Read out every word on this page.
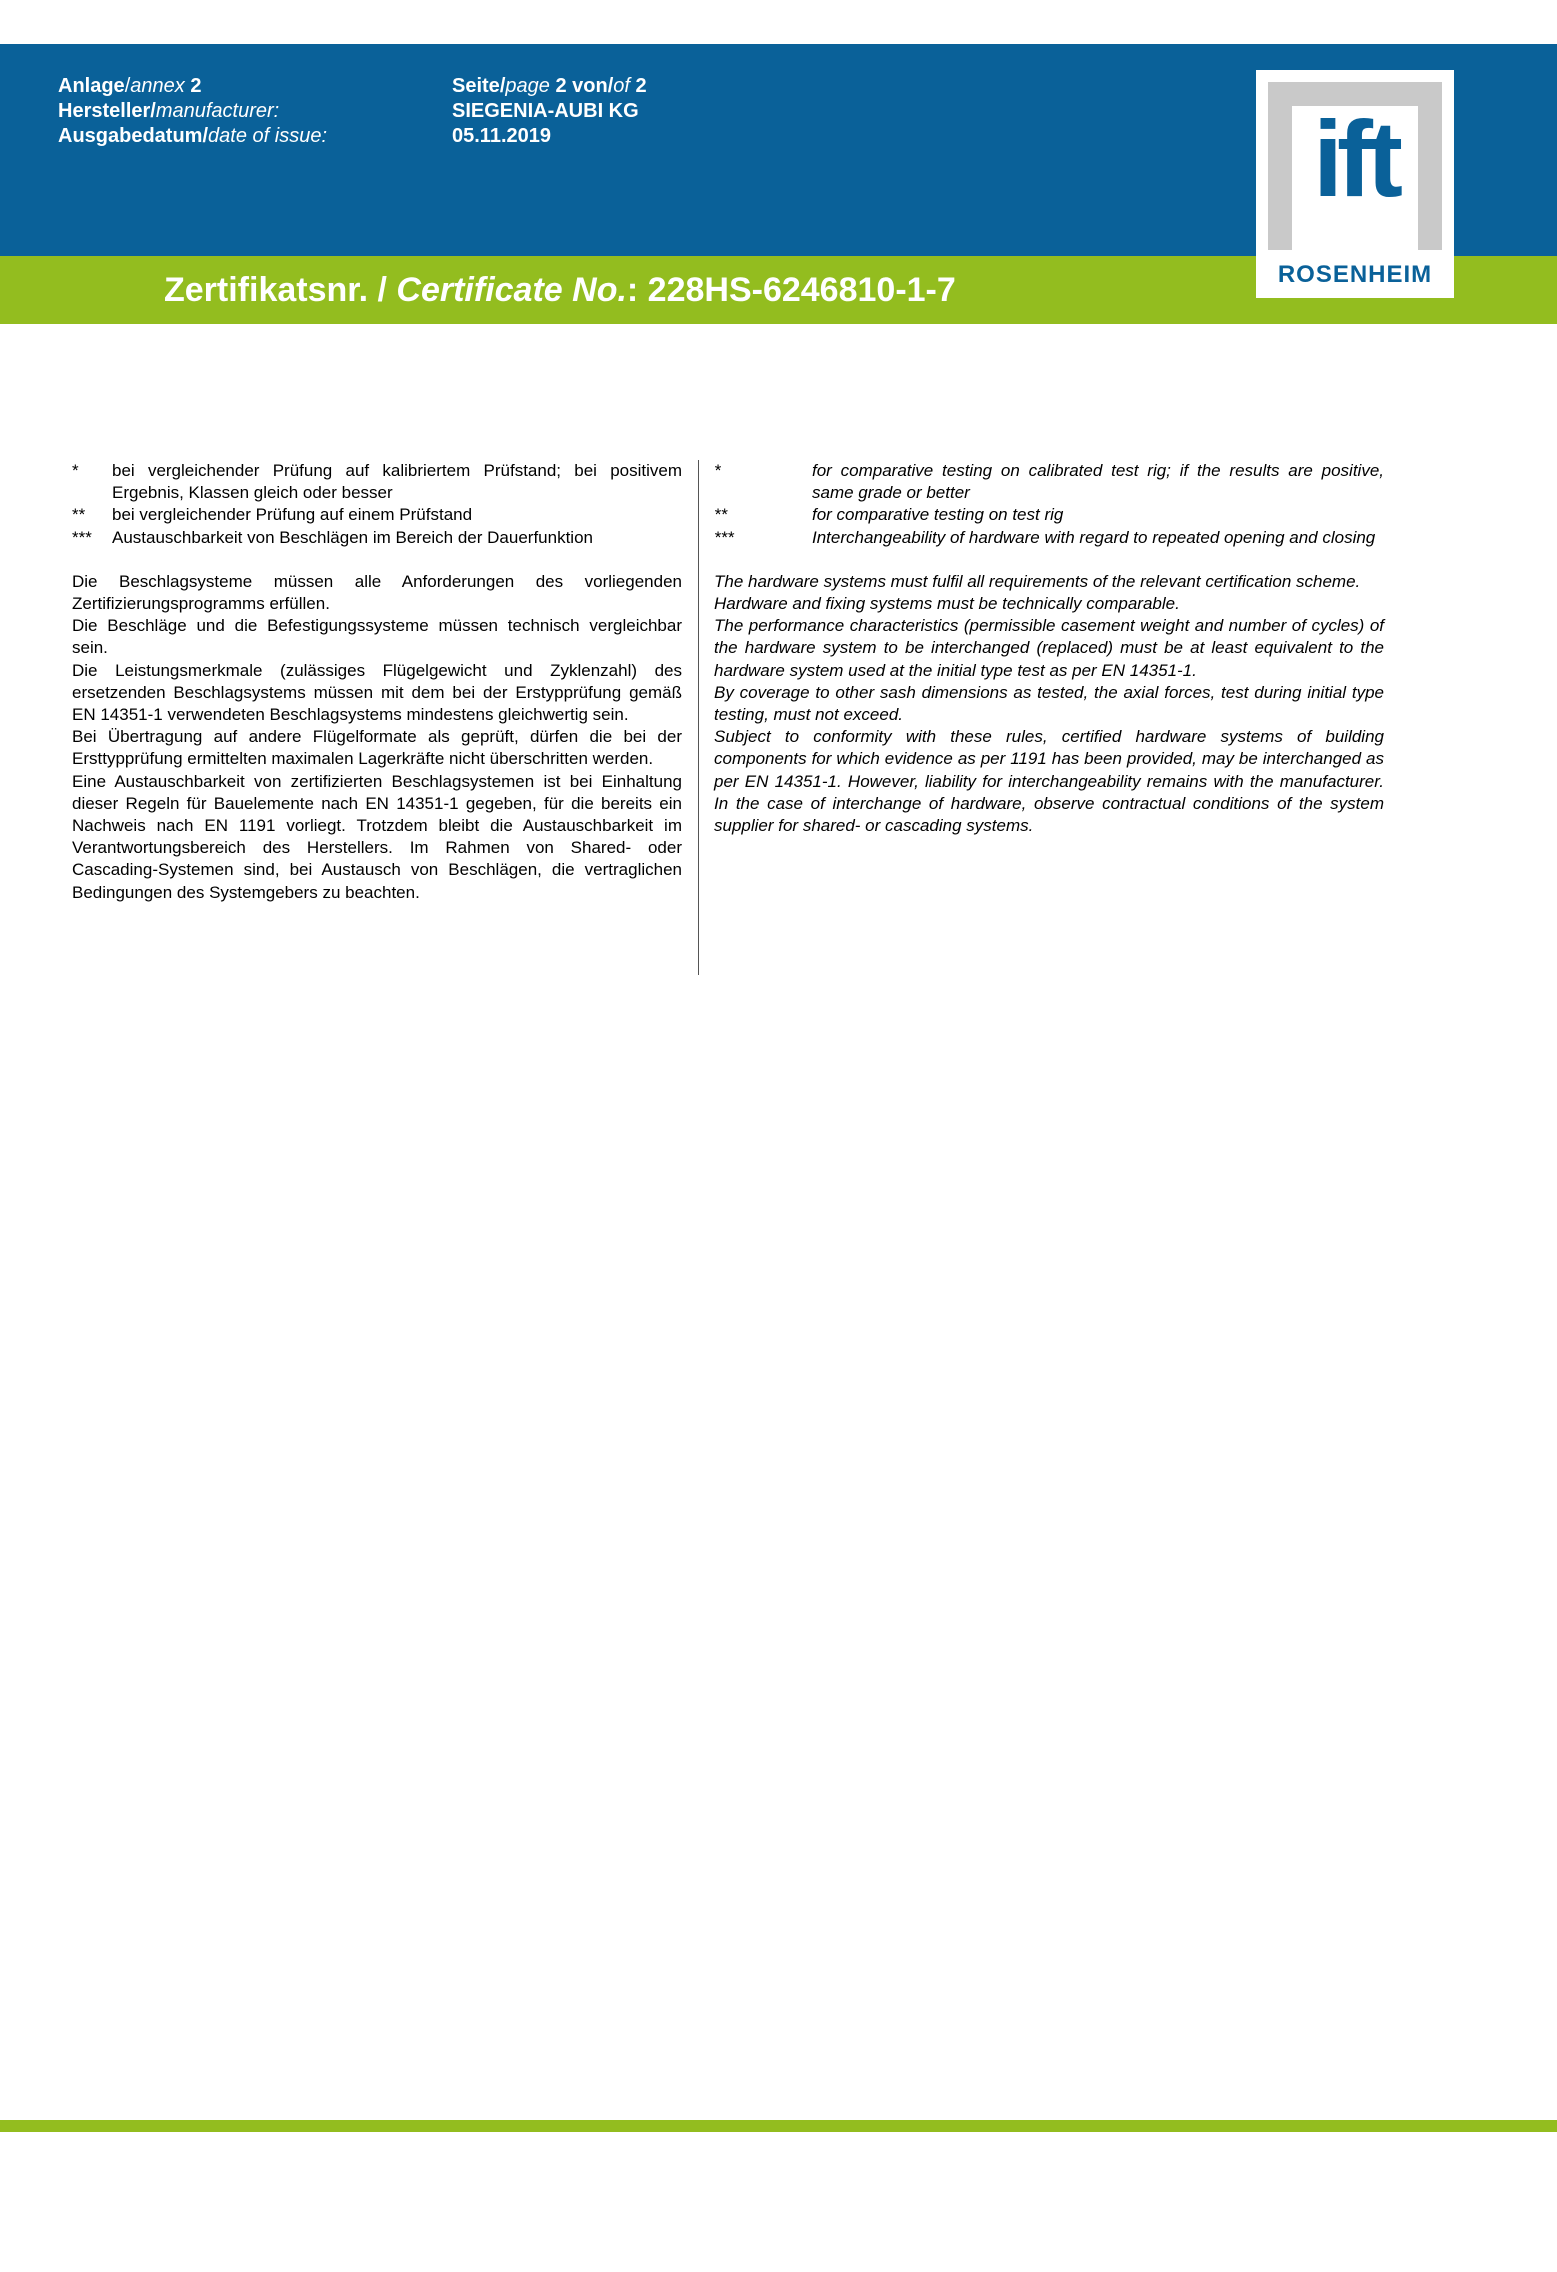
Anlage/annex 2
Hersteller/manufacturer:
Ausgabedatum/date of issue:
Seite/page 2 von/of 2
SIEGENIA-AUBI KG
05.11.2019
Zertifikatsnr. / Certificate No.: 228HS-6246810-1-7
ift
ROSENHEIM
* bei vergleichender Prüfung auf kalibriertem Prüfstand; bei positivem Ergebnis, Klassen gleich oder besser

** bei vergleichender Prüfung auf einem Prüfstand

*** Austauschbarkeit von Beschlägen im Bereich der Dauerfunktion

Die Beschlagsysteme müssen alle Anforderungen des vorliegenden Zertifizierungsprogramms erfüllen.

Die Beschläge und die Befestigungssysteme müssen technisch vergleichbar sein.

Die Leistungsmerkmale (zulässiges Flügelgewicht und Zyklenzahl) des ersetzenden Beschlagsystems müssen mit dem bei der Erstypprüfung gemäß EN 14351-1 verwendeten Beschlagsystems mindestens gleichwertig sein.

Bei Übertragung auf andere Flügelformate als geprüft, dürfen die bei der Ersttypprüfung ermittelten maximalen Lagerkräfte nicht überschritten werden.

Eine Austauschbarkeit von zertifizierten Beschlagsystemen ist bei Einhaltung dieser Regeln für Bauelemente nach EN 14351-1 gegeben, für die bereits ein Nachweis nach EN 1191 vorliegt. Trotzdem bleibt die Austauschbarkeit im Verantwortungsbereich des Herstellers. Im Rahmen von Shared- oder Cascading-Systemen sind, bei Austausch von Beschlägen, die vertraglichen Bedingungen des Systemgebers zu beachten.

*	for comparative testing on calibrated test rig; if the results are positive, same grade or better

**	for comparative testing on test rig

***	Interchangeability of hardware with regard to repeated opening and closing

The hardware systems must fulfil all requirements of the relevant certification scheme.

Hardware and fixing systems must be technically comparable.

The performance characteristics (permissible casement weight and number of cycles) of the hardware system to be interchanged (replaced) must be at least equivalent to the hardware system used at the initial type test as per EN 14351-1.

By coverage to other sash dimensions as tested, the axial forces, test during initial type testing, must not exceed.

Subject to conformity with these rules, certified hardware systems of building components for which evidence as per 1191 has been provided, may be interchanged as per EN 14351-1. However, liability for interchangeability remains with the manufacturer. In the case of interchange of hardware, observe contractual conditions of the system supplier for shared- or cascading systems.
